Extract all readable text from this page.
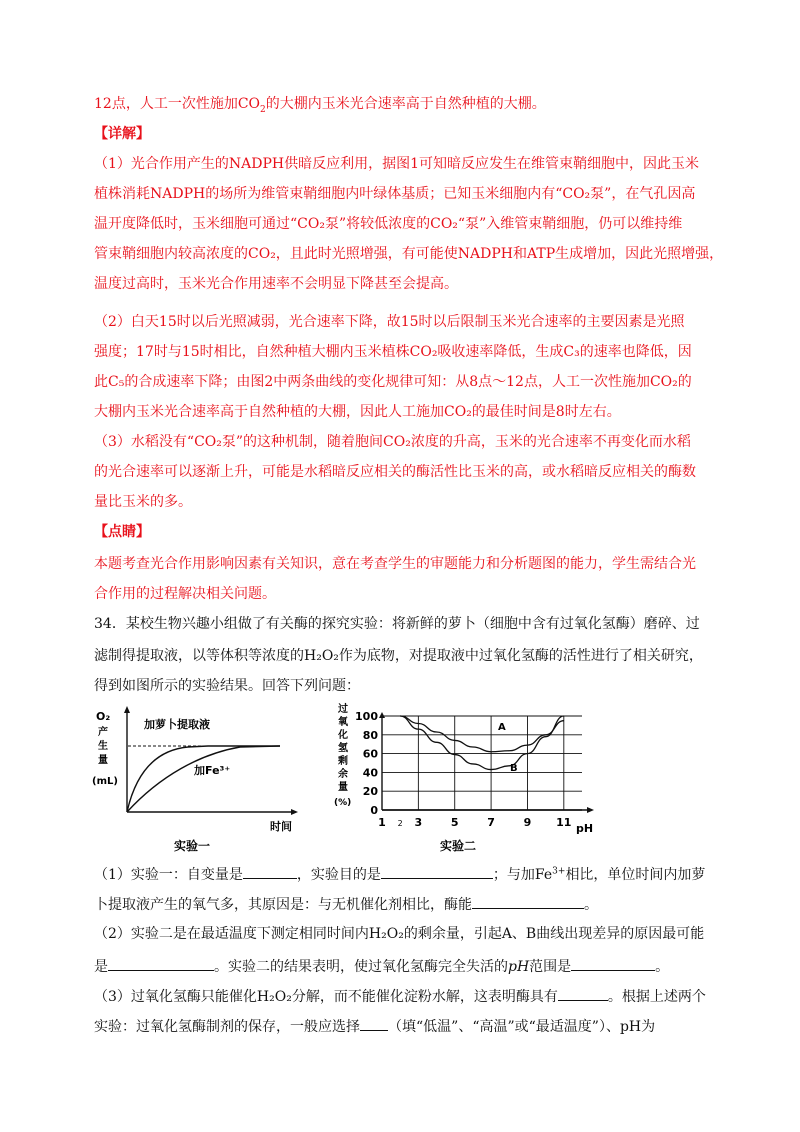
12点，人工一次性施加$CO_2$的大棚内玉米光合速率高于自然种植的大棚。
【详解】
（1）光合作用产生的NADPH供暗反应利用，据图1可知暗反应发生在维管束鞘细胞中，因此玉米
植株消耗NADPH的场所为维管束鞘细胞内叶绿体基质；已知玉米细胞内有“CO₂泵”，在气孔因高
温开度降低时，玉米细胞可通过“CO₂泵”将较低浓度的CO₂“泵”入维管束鞘细胞，仍可以维持维
管束鞘细胞内较高浓度的CO₂，且此时光照增强，有可能使NADPH和ATP生成增加，因此光照增强，
温度过高时，玉米光合作用速率不会明显下降甚至会提高。
（2）白天15时以后光照减弱，光合速率下降，故15时以后限制玉米光合速率的主要因素是光照
强度；17时与15时相比，自然种植大棚内玉米植株CO₂吸收速率降低，生成C₃的速率也降低，因
此C₅的合成速率下降；由图2中两条曲线的变化规律可知：从8点～12点，人工一次性施加CO₂的
大棚内玉米光合速率高于自然种植的大棚，因此人工施加CO₂的最佳时间是8时左右。
（3）水稻没有“CO₂泵”的这种机制，随着胞间CO₂浓度的升高，玉米的光合速率不再变化而水稻
的光合速率可以逐渐上升，可能是水稻暗反应相关的酶活性比玉米的高，或水稻暗反应相关的酶数
量比玉米的多。
【点睛】
本题考查光合作用影响因素有关知识，意在考查学生的审题能力和分析题图的能力，学生需结合光
合作用的过程解决相关问题。
34．某校生物兴趣小组做了有关酶的探究实验：将新鲜的萝卜（细胞中含有过氧化氢酶）磨碎、过
滤制得提取液，以等体积等浓度的H₂O₂作为底物，对提取液中过氧化氢酶的活性进行了相关研究，
得到如图所示的实验结果。回答下列问题：
O₂
产
生
量
(mL)
加萝卜提取液
加Fe³⁺
时间
实验一
过
氧
化
氢
剩
余
量
(%)
0
20
40
60
80
100
1 2 3	5	7	9 11
A
B
pH
实验二
（1）实验一：自变量是	，实验目的是	；与加$Fe^{3+}$相比，单位时间内加萝
卜提取液产生的氧气多，其原因是：与无机催化剂相比，酶能	。
（2）实验二是在最适温度下测定相同时间内H₂O₂的剩余量，引起A、B曲线出现差异的原因最可能
是	。实验二的结果表明，使过氧化氢酶完全失活的pH范围是	。
（3）过氧化氢酶只能催化H₂O₂分解，而不能催化淀粉水解，这表明酶具有	。根据上述两个
实验：过氧化氢酶制剂的保存，一般应选择 （填“低温”、“高温”或“最适温度”）、pH为
